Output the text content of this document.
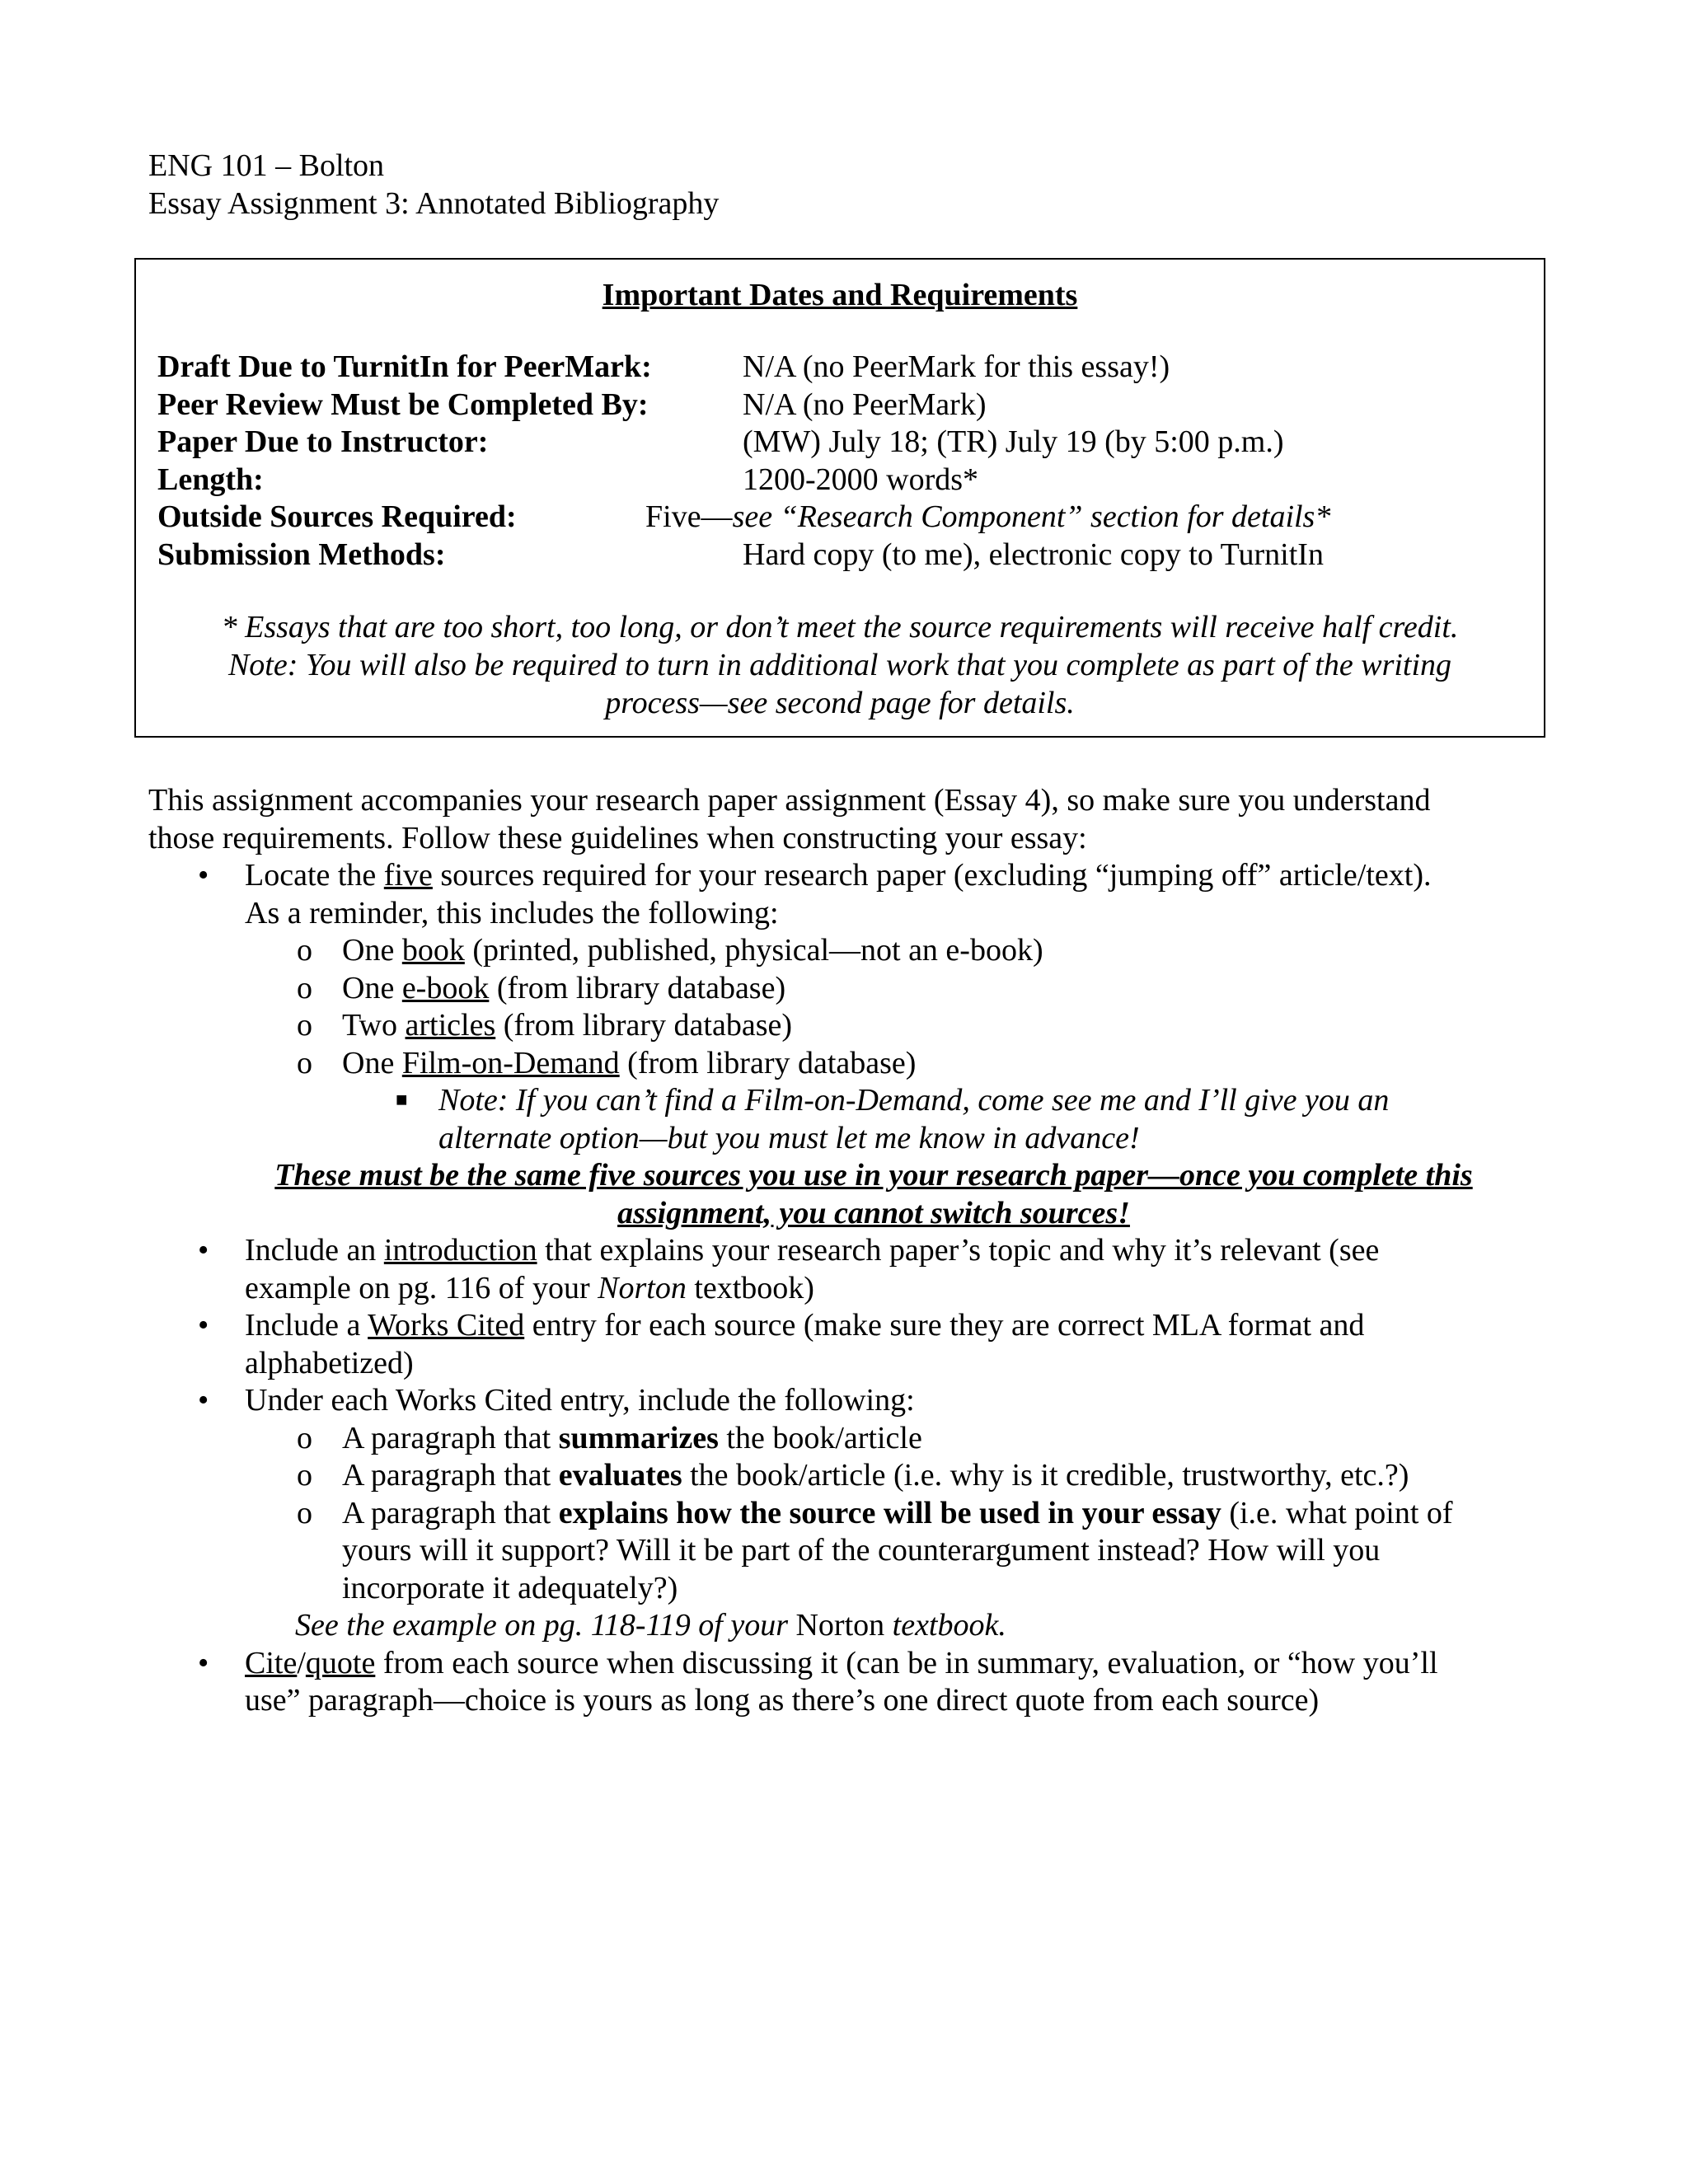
ENG 101 – Bolton
Essay Assignment 3: Annotated Bibliography
Important Dates and Requirements
Draft Due to TurnitIn for PeerMark:
Peer Review Must be Completed By:
Paper Due to Instructor:
Length:
Outside Sources Required:
Submission Methods:
N/A (no PeerMark for this essay!)
N/A (no PeerMark)
(MW) July 18; (TR) July 19 (by 5:00 p.m.)
1200-2000 words*
Five—see “Research Component” section for details*
Hard copy (to me), electronic copy to TurnitIn
* Essays that are too short, too long, or don’t meet the source requirements will receive half credit.
Note: You will also be required to turn in additional work that you complete as part of the writing
process—see second page for details.
This assignment accompanies your research paper assignment (Essay 4), so make sure you understand
those requirements. Follow these guidelines when constructing your essay:
• Locate the five sources required for your research paper (excluding “jumping off” article/text).
As a reminder, this includes the following:
o One book (printed, published, physical—not an e-book)
o One e-book (from library database)
o Two articles (from library database)
o One Film-on-Demand (from library database)
■ Note: If you can’t find a Film-on-Demand, come see me and I’ll give you an
alternate option—but you must let me know in advance!
These must be the same five sources you use in your research paper—once you complete this
assignment, you cannot switch sources!
• Include an introduction that explains your research paper’s topic and why it’s relevant (see
example on pg. 116 of your Norton textbook)
• Include a Works Cited entry for each source (make sure they are correct MLA format and
alphabetized)
• Under each Works Cited entry, include the following:
o A paragraph that summarizes the book/article
o A paragraph that evaluates the book/article (i.e. why is it credible, trustworthy, etc.?)
o A paragraph that explains how the source will be used in your essay (i.e. what point of
yours will it support? Will it be part of the counterargument instead? How will you
incorporate it adequately?)
See the example on pg. 118-119 of your Norton textbook.
• Cite/quote from each source when discussing it (can be in summary, evaluation, or “how you’ll
use” paragraph—choice is yours as long as there’s one direct quote from each source)
